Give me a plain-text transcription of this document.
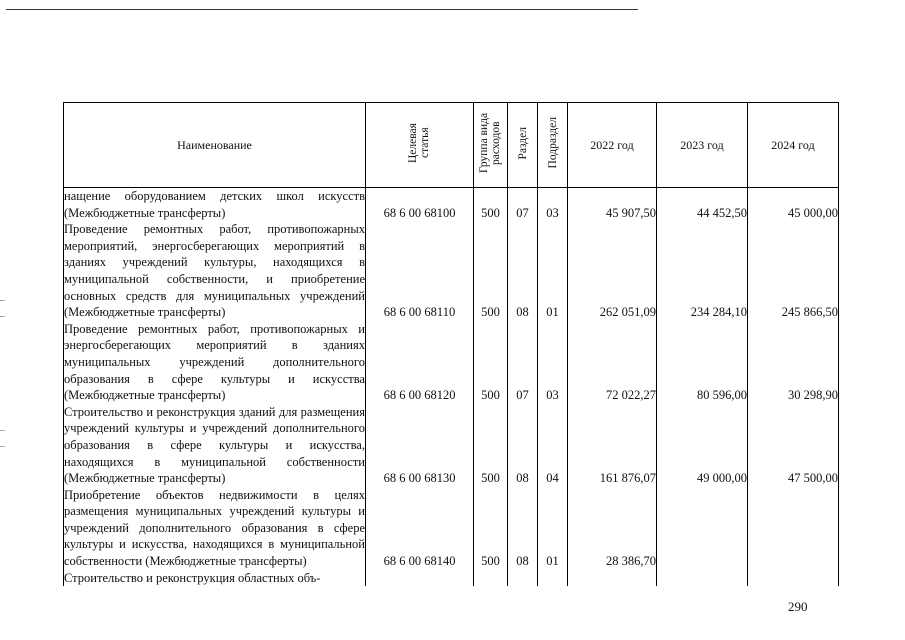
Наименование	Целевая статья	Группа вида расходов	Раздел	Подраздел	2022 год	2023 год	2024 год
нащение оборудованием детских школ искусств (Межбюджетные трансферты)	68 6 00 68100	500	07	03	45 907,50	44 452,50	45 000,00
Проведение ремонтных работ, противопожарных мероприятий, энергосберегающих мероприятий в зданиях учреждений культуры, находящихся в муниципальной собственности, и приобретение основных средств для муниципальных учреждений (Межбюджетные трансферты)	68 6 00 68110	500	08	01	262 051,09	234 284,10	245 866,50
Проведение ремонтных работ, противопожарных и энергосберегающих мероприятий в зданиях муниципальных учреждений дополнительного образования в сфере культуры и искусства (Межбюджетные трансферты)	68 6 00 68120	500	07	03	72 022,27	80 596,00	30 298,90
Строительство и реконструкция зданий для размещения учреждений культуры и учреждений дополнительного образования в сфере культуры и искусства, находящихся в муниципальной собственности (Межбюджетные трансферты)	68 6 00 68130	500	08	04	161 876,07	49 000,00	47 500,00
Приобретение объектов недвижимости в целях размещения муниципальных учреждений культуры и учреждений дополнительного образования в сфере культуры и искусства, находящихся в муниципальной собственности (Межбюджетные трансферты)	68 6 00 68140	500	08	01	28 386,70		
Строительство и реконструкция областных объ-							
290
